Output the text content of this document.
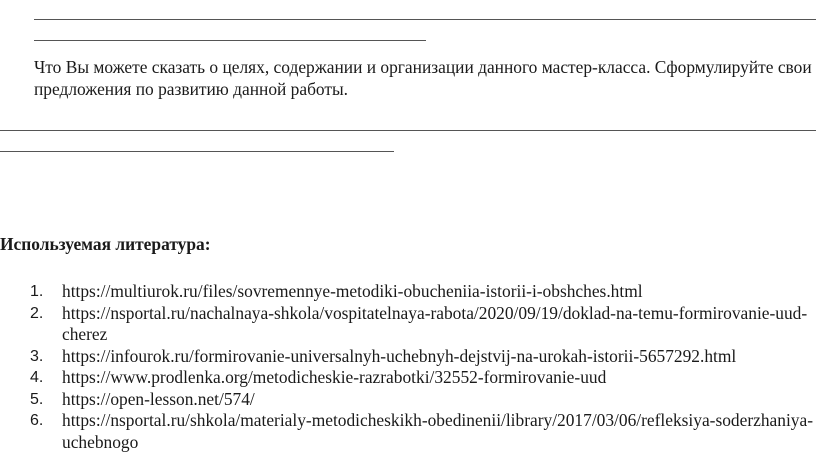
Что Вы можете сказать о целях, содержании и организации данного мастер-класса. Сформулируйте свои предложения по развитию данной работы.

Используемая литература:

1. https://multiurok.ru/files/sovremennye-metodiki-obucheniia-istorii-i-obshches.html
2. https://nsportal.ru/nachalnaya-shkola/vospitatelnaya-rabota/2020/09/19/doklad-na-temu-formirovanie-uud-cherez
3. https://infourok.ru/formirovanie-universalnyh-uchebnyh-dejstvij-na-urokah-istorii-5657292.html
4. https://www.prodlenka.org/metodicheskie-razrabotki/32552-formirovanie-uud
5. https://open-lesson.net/574/
6. https://nsportal.ru/shkola/materialy-metodicheskikh-obedinenii/library/2017/03/06/refleksiya-soderzhaniya-uchebnogo
